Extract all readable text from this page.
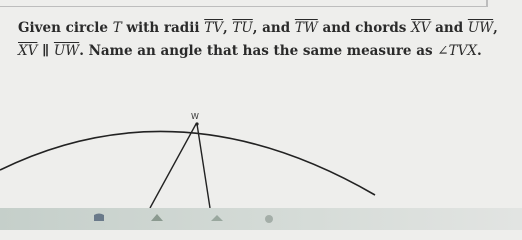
Given circle T with radii $\overline{TV}$, $\overline{TU}$, and $\overline{TW}$ and chords $\overline{XV}$ and $\overline{UW}$,
$\overline{XV}$ ∥ $\overline{UW}$. Name an angle that has the same measure as ∠TVX.
W
